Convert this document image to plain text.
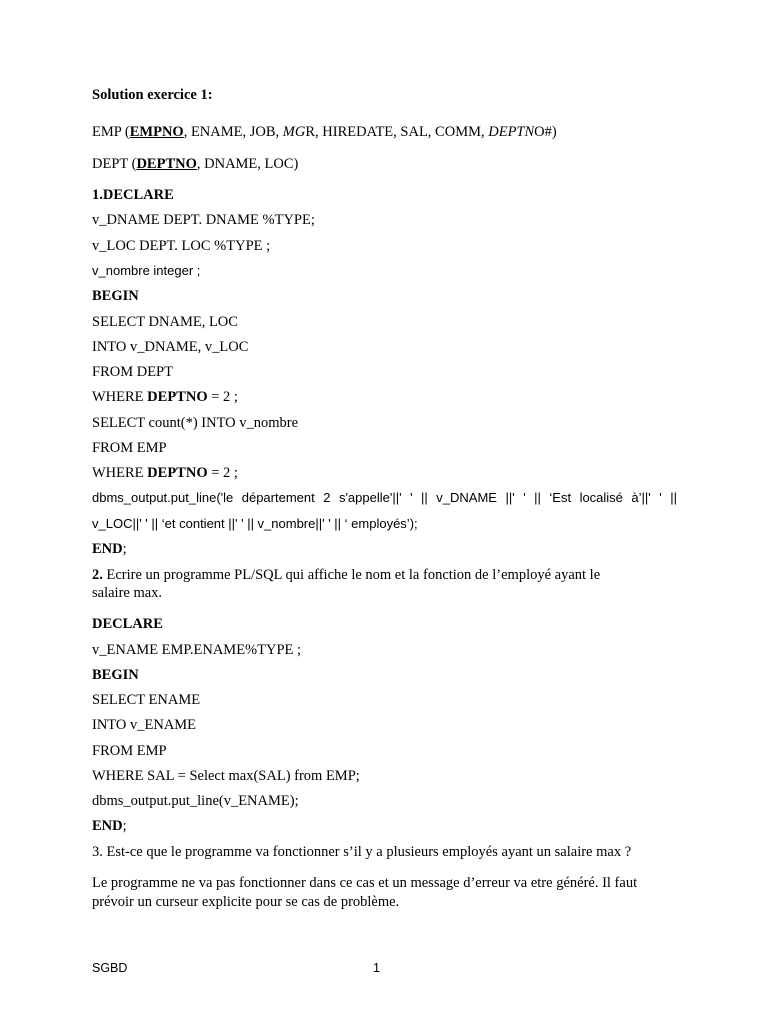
Solution exercice 1:
EMP (EMPNO, ENAME, JOB, MGR, HIREDATE, SAL, COMM, DEPTNO#)
DEPT (DEPTNO, DNAME, LOC)
1.DECLARE
v_DNAME DEPT. DNAME %TYPE;
v_LOC DEPT. LOC %TYPE ;
v_nombre integer ;
BEGIN
SELECT DNAME, LOC
INTO v_DNAME, v_LOC
FROM DEPT
WHERE DEPTNO = 2 ;
SELECT count(*) INTO v_nombre
FROM EMP
WHERE DEPTNO = 2 ;
dbms_output.put_line('le département 2 s'appelle'||' ' || v_DNAME ||' ' || ‘Est localisé à’||' ' ||
v_LOC||' ' || ‘et contient ||' ' || v_nombre||' ' || ‘ employés’);
END;
2. Ecrire un programme PL/SQL qui affiche le nom et la fonction de l’employé ayant le
salaire max.
DECLARE
v_ENAME EMP.ENAME%TYPE ;
BEGIN
SELECT ENAME
INTO v_ENAME
FROM EMP
WHERE SAL = Select max(SAL) from EMP;
dbms_output.put_line(v_ENAME);
END;
3. Est-ce que le programme va fonctionner s’il y a plusieurs employés ayant un salaire max ?
Le programme ne va pas fonctionner dans ce cas et un message d’erreur va etre généré. Il faut prévoir un curseur explicite pour se cas de problème.
SGBD	1
